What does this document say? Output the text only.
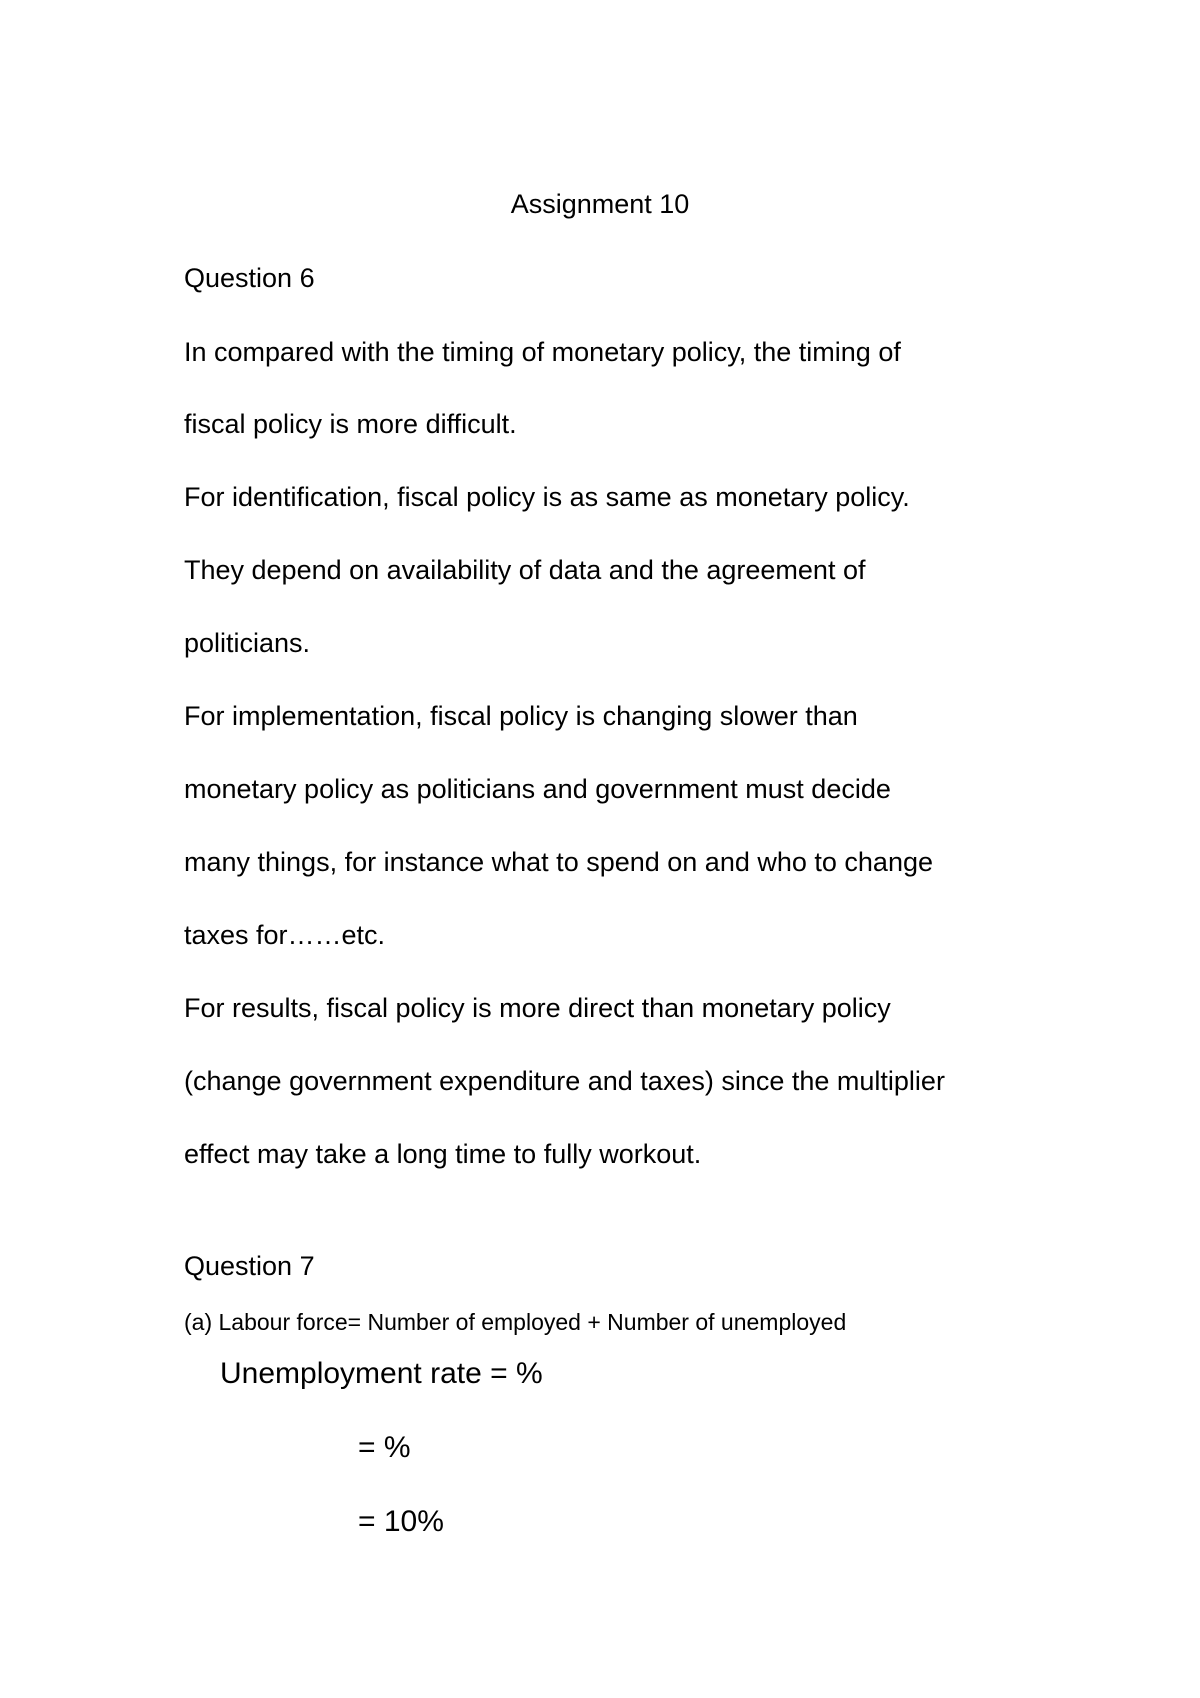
Assignment 10
Question 6
In compared with the timing of monetary policy, the timing of
fiscal policy is more difficult.
For identification, fiscal policy is as same as monetary policy.
They depend on availability of data and the agreement of
politicians.
For implementation, fiscal policy is changing slower than
monetary policy as politicians and government must decide
many things, for instance what to spend on and who to change
taxes for……etc.
For results, fiscal policy is more direct than monetary policy
(change government expenditure and taxes) since the multiplier
effect may take a long time to fully workout.
Question 7
(a) Labour force= Number of employed + Number of unemployed
Unemployment rate = %
= %
= 10%
